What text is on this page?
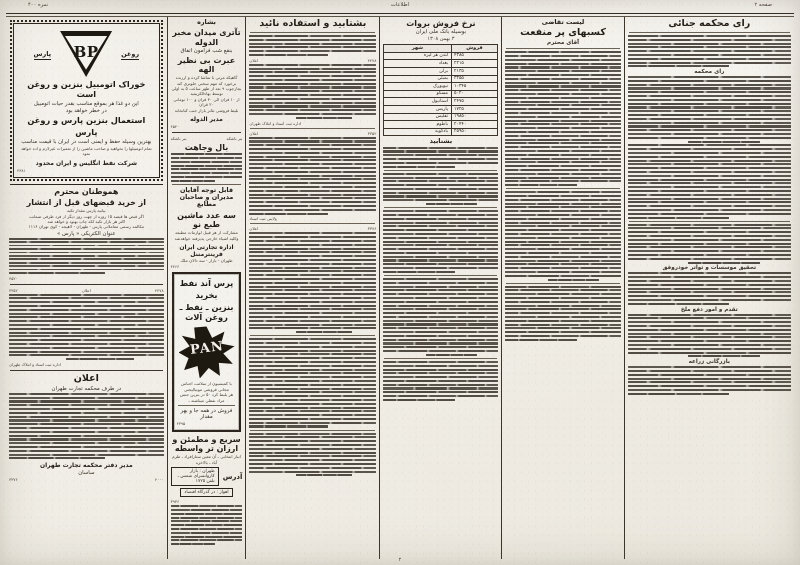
نمره ۴۰۰	اطلاعات	صفحه ۲
رای محکمه جنائی
رای محکمه
تحقیق موسسات و تواتر خودروفق
تقدم و امور دفع ملخ
بازرگانی زراعه
لیست تقاضی
کسبهای پر منفعت
آقای محترم
نرخ فروش بروات
بوسیله بانک ملی ایران
۳ بهمن ۱۳۰۸
فروش	شهر
۴۳۸۵	لندن هر لیره
۲۲۱۵	بغداد
۲۱۳۵	برلن
۳۲۵۵	بمبئی
۱۰۳۴۵	نیویورک
۵۰۲۰	مسکو
۲۴۷۵	استانبول
۱۷۲۵	پاریس
۱۹۸۵۰	تفلیس
۲۰۴۴۰	باطوم
۲۵۹۵۰	بادکوبه
بشنابید
بشتابید و استفاده نائید
۴۴۷۸
اعلان
اداره ثبت اسناد و املاک طهران
۳۳۵۲
اعلان
ولایتی ثبت اسناد
۳۳۷۶
اعلان
بشاره
تآتری میدان مخبر الدوله
بنفع شب فرامون اتفاق
عبرت بی نظیر الهه
گاهیکه مرتی با تماشا کرده و ارزنده برخورد که مهم سخنی جلوتری کند
بچارچوب ۹ بعد از ظهر ساعت ۵ به اولی توسط بهاءالکریمید
از ۱۰ قران الی ۳۰ قران و ۱۰۰ تومانی ۲۰ قران
بلیط فروشی تئاتر بازار جنب کتابخانه
مدیر الدوله
۴۵۴۰
بنر ناشکه
بنر ناشکه
بال وجاهت
قابل توجه آقایان مدیران و صاحبان مطابع
سه عدد ماشین طبع نو
مشارکت از هر قبیل لوازمات مطبعه
وکلیه اشیاء خارجی پذیرفته خواهدشد
اداره تجارتی ایران فرینترمننل
طهران - بازار - سه دالان ملک
۴۴۶۶
پرس آند نفط
بخرید
بنزین ـ نفط ـ روغن آلات
PAN
با کمیسیون از سلامت اجناس مجانی فروشی موتیالیجتی
هر بلیط کرد ۵۰ در بنزین جنس مراد نفظی میباشند ـ
فروش در همه جا و بهر مقدار
۴۳۹۵
سریع و مطمئن و ارزان تر واسطه
انبار انتخابی ـ آن معین ستارافراد ـ طرم آباد ـ بالاخره
آدرس
طهران : بازار کاروانسرای شمس ـ تلفن ۱۷۲۵
اهواز : در گذرگاه اقتصاد
۳۹۳۶
روغن
BP
پارس
خوراک اتومبیل بنزین و روغن است
این دو غذا هر بموقع مناسب بقدر حیات اتومبیل
در خطر خواهد بود
استعمال بنزین پارس و روغن
پارس
بهترین وسیله حفظ و ایمنی است در ایران با قیمت مناسب
تمام اتومبیلها را بخواهید و صاحب ماشین را از تعمیرات غیرلازم و اده خواهد نمود
شرکت نفط انگلیس و ایران محدود
۴۳۸۱
هموطنان محترم
از خرید قبضهای قبل از انتشار
بیانیه پارس مقدار تکیه
اگر قبض ها قبضه ۱۵ روزه از چهت روز دیگر از فرد طرفی ضمانت
اکثر هر بازار تکیه لکه چاپ بهبود و خواهد شد
مکالمه رسمی معاملاتی پارس - طهران - لاهیجه - کوی تهران ۱۱۱۶
عنوان الکتریکی « پارس »
۴۵۲۰
۴۴۷۸
اعلان
۳۳۵۲
اداره ثبت اسناد و املاک طهران
اعلان
در طرف محکمه تجارت طهران
مدیر دفتر محکمه تجارت طهران
ساسان
۴۰۰۰
۳۳۷۶
۲
